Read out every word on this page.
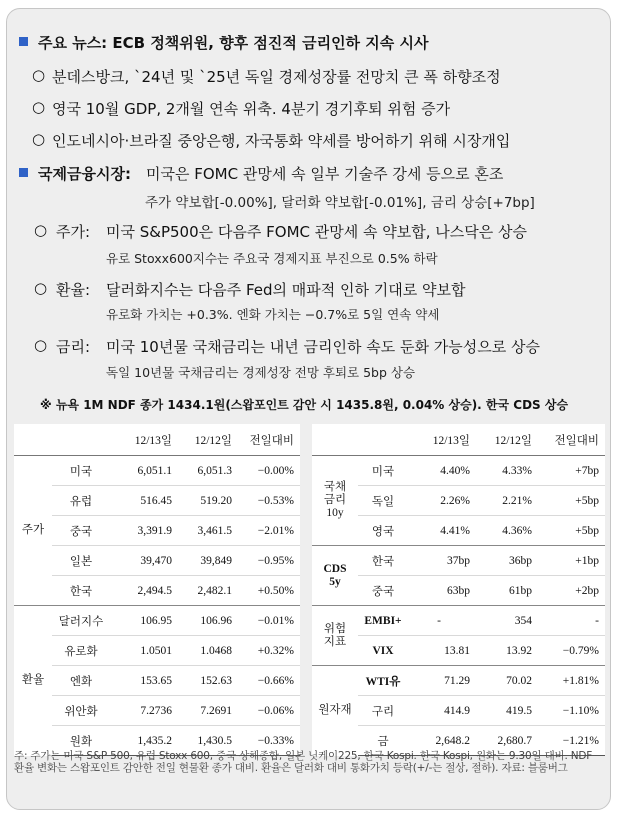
주요 뉴스: ECB 정책위원, 향후 점진적 금리인하 지속 시사
○ 분데스방크, `24년 및 `25년 독일 경제성장률 전망치 큰 폭 하향조정
○ 영국 10월 GDP, 2개월 연속 위축. 4분기 경기후퇴 위험 증가
○ 인도네시아·브라질 중앙은행, 자국통화 약세를 방어하기 위해 시장개입
국제금융시장: 미국은 FOMC 관망세 속 일부 기술주 강세 등으로 혼조
주가 약보합[-0.00%], 달러화 약보합[-0.01%], 금리 상승[+7bp]
○ 주가: 미국 S&P500은 다음주 FOMC 관망세 속 약보합, 나스닥은 상승
유로 Stoxx600지수는 주요국 경제지표 부진으로 0.5% 하락
○ 환율: 달러화지수는 다음주 Fed의 매파적 인하 기대로 약보합
유로화 가치는 +0.3%. 엔화 가치는 −0.7%로 5일 연속 약세
○ 금리: 미국 10년물 국채금리는 내년 금리인하 속도 둔화 가능성으로 상승
독일 10년물 국채금리는 경제성장 전망 후퇴로 5bp 상승
※ 뉴욕 1M NDF 종가 1434.1원(스왑포인트 감안 시 1435.8원, 0.04% 상승). 한국 CDS 상승
		12/13일	12/12일	전일대비
주가	미국	6,051.1	6,051.3	−0.00%
	유럽	516.45	519.20	−0.53%
	중국	3,391.9	3,461.5	−2.01%
	일본	39,470	39,849	−0.95%
	한국	2,494.5	2,482.1	+0.50%
환율	달러지수	106.95	106.96	−0.01%
	유로화	1.0501	1.0468	+0.32%
	엔화	153.65	152.63	−0.66%
	위안화	7.2736	7.2691	−0.06%
	원화	1,435.2	1,430.5	−0.33%
		12/13일	12/12일	전일대비
국채
금리
10y	미국	4.40%	4.33%	+7bp
	독일	2.26%	2.21%	+5bp
	영국	4.41%	4.36%	+5bp
CDS
5y	한국	37bp	36bp	+1bp
	중국	63bp	61bp	+2bp
위험
지표	EMBI+	-	354	-
	VIX	13.81	13.92	−0.79%
원자재	WTI유	71.29	70.02	+1.81%
	구리	414.9	419.5	−1.10%
	금	2,648.2	2,680.7	−1.21%
주: 주가는 미국 S&P 500, 유럽 Stoxx 600, 중국 상해종합, 일본 닛케이225, 한국 Kospi. 한국 Kospi, 원화는 9.30일 대비. NDF 환율 변화는 스왑포인트 감안한 전일 현물환 종가 대비. 환율은 달러화 대비 통화가치 등락(+/-는 절상, 절하). 자료: 블룸버그
